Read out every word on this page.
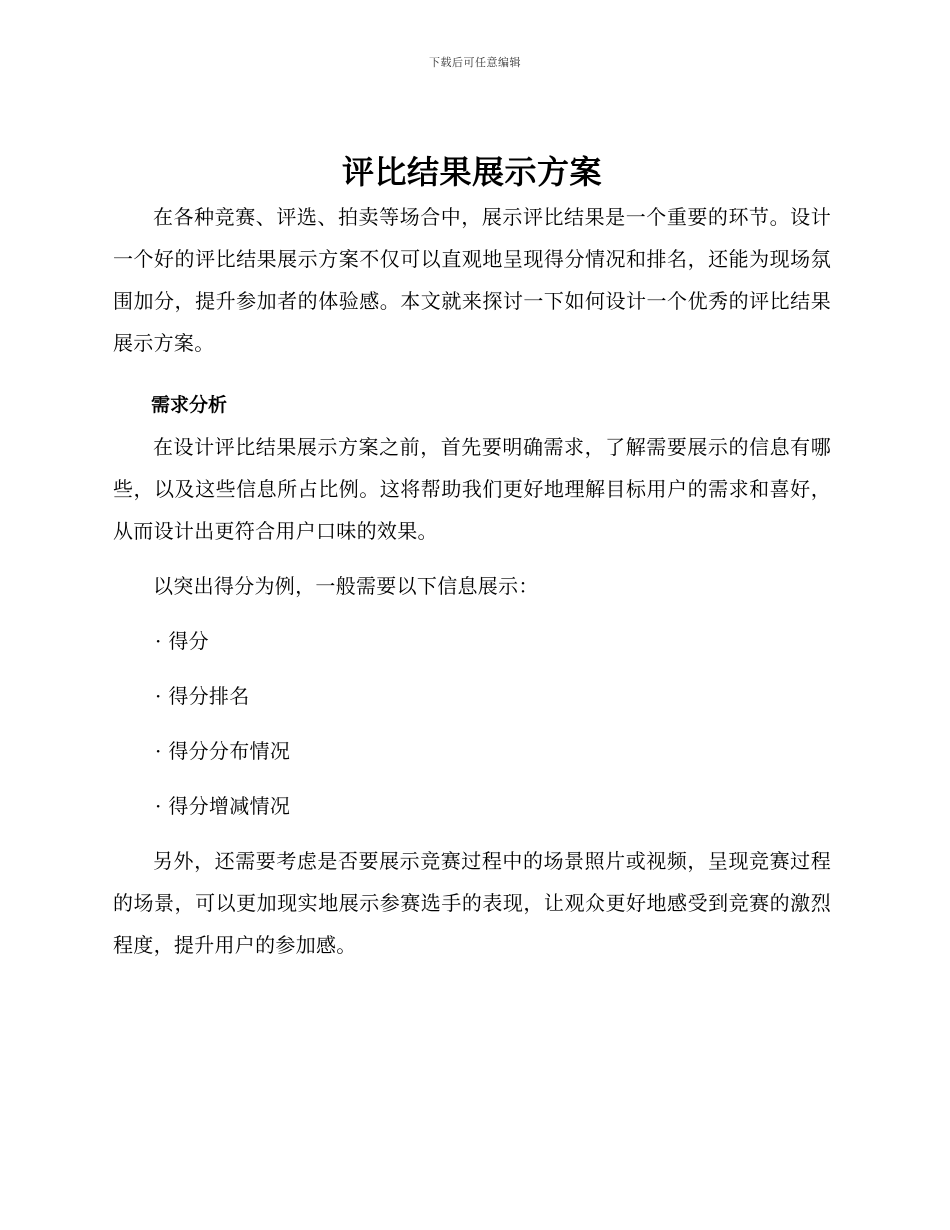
下载后可任意编辑
评比结果展示方案

在各种竞赛、评选、拍卖等场合中，展示评比结果是一个重要的环节。设计一个好的评比结果展示方案不仅可以直观地呈现得分情况和排名，还能为现场氛围加分，提升参加者的体验感。本文就来探讨一下如何设计一个优秀的评比结果展示方案。

需求分析

在设计评比结果展示方案之前，首先要明确需求，了解需要展示的信息有哪些，以及这些信息所占比例。这将帮助我们更好地理解目标用户的需求和喜好，从而设计出更符合用户口味的效果。

以突出得分为例，一般需要以下信息展示：

· 得分
· 得分排名
· 得分分布情况
· 得分增减情况

另外，还需要考虑是否要展示竞赛过程中的场景照片或视频，呈现竞赛过程的场景，可以更加现实地展示参赛选手的表现，让观众更好地感受到竞赛的激烈程度，提升用户的参加感。
